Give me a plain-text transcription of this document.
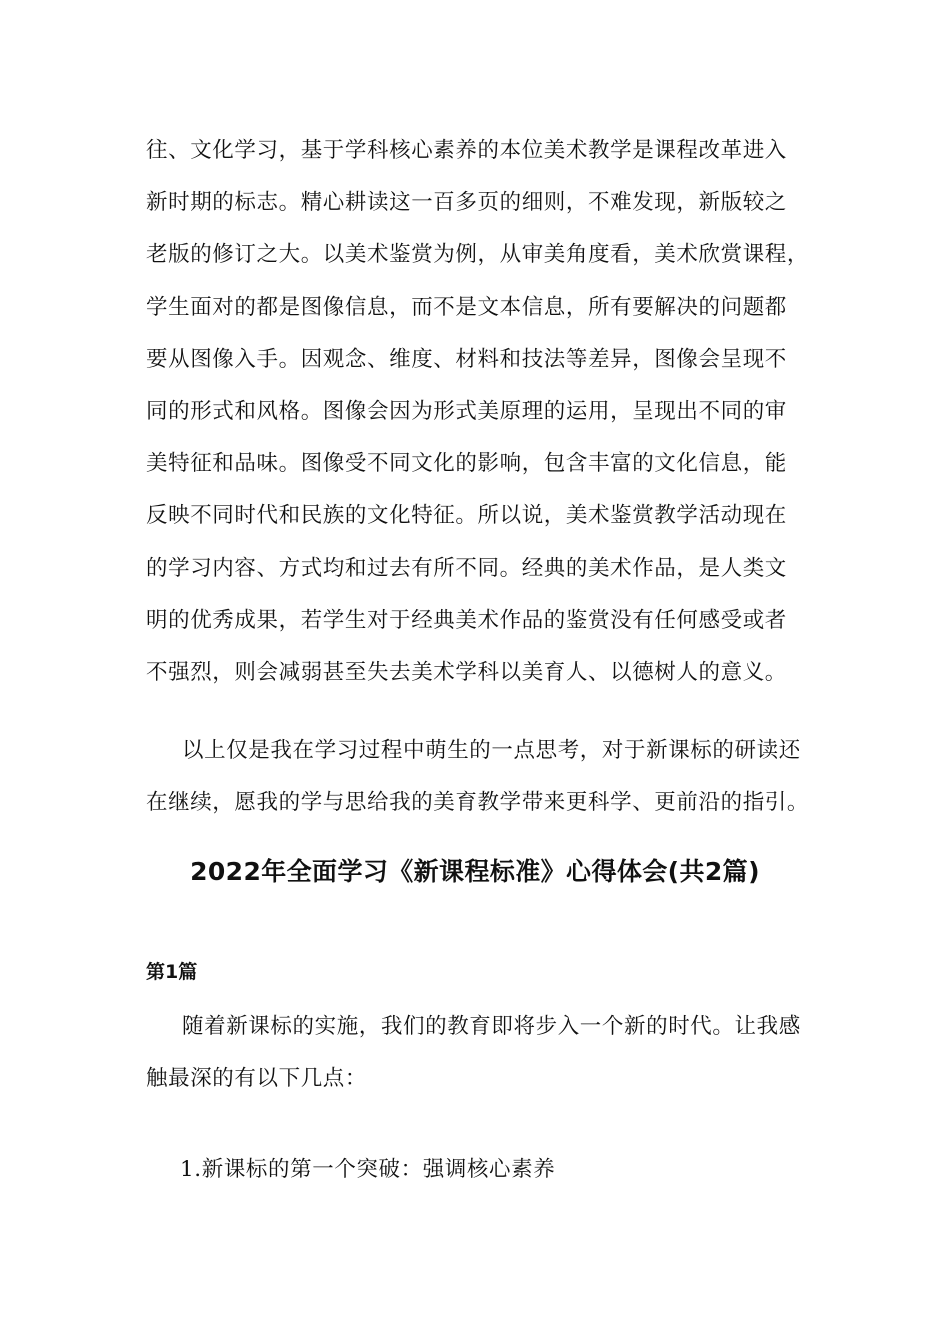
往、文化学习，基于学科核心素养的本位美术教学是课程改革进入
新时期的标志。精心耕读这一百多页的细则，不难发现，新版较之
老版的修订之大。以美术鉴赏为例，从审美角度看，美术欣赏课程，
学生面对的都是图像信息，而不是文本信息，所有要解决的问题都
要从图像入手。因观念、维度、材料和技法等差异，图像会呈现不
同的形式和风格。图像会因为形式美原理的运用，呈现出不同的审
美特征和品味。图像受不同文化的影响，包含丰富的文化信息，能
反映不同时代和民族的文化特征。所以说，美术鉴赏教学活动现在
的学习内容、方式均和过去有所不同。经典的美术作品，是人类文
明的优秀成果，若学生对于经典美术作品的鉴赏没有任何感受或者
不强烈，则会减弱甚至失去美术学科以美育人、以德树人的意义。
以上仅是我在学习过程中萌生的一点思考，对于新课标的研读还
在继续，愿我的学与思给我的美育教学带来更科学、更前沿的指引。
2022年全面学习《新课程标准》心得体会(共2篇)
第1篇
随着新课标的实施，我们的教育即将步入一个新的时代。让我感
触最深的有以下几点：

1.新课标的第一个突破：强调核心素养
